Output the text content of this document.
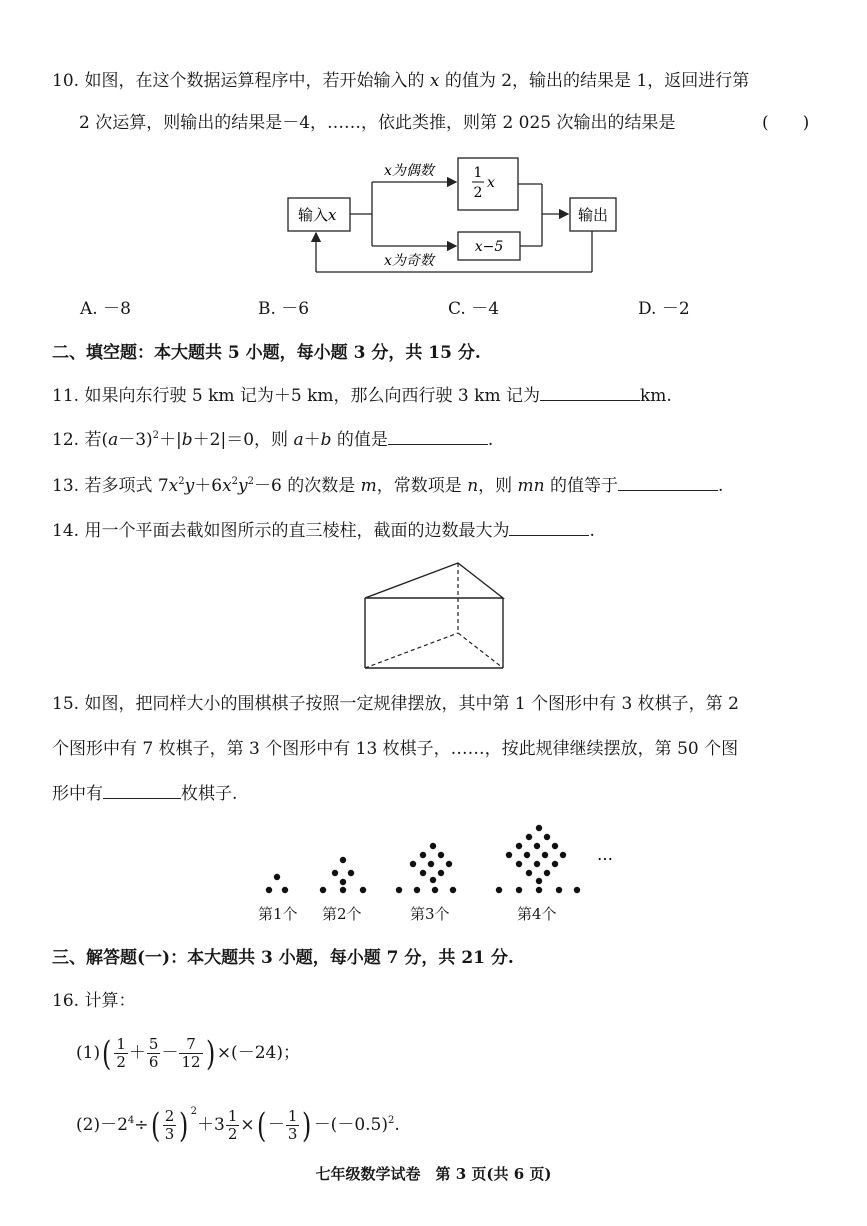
10. 如图，在这个数据运算程序中，若开始输入的 x 的值为 2，输出的结果是 1，返回进行第
2 次运算，则输出的结果是－4，……，依此类推，则第 2 025 次输出的结果是	(　　)
输入x
x为偶数
x为奇数
1
2
x
x−5
输出
A. －8	B. －6	C. －4	D. －2
二、填空题：本大题共 5 小题，每小题 3 分，共 15 分.
11. 如果向东行驶 5 km 记为＋5 km，那么向西行驶 3 km 记为	km.
12. 若$(a-3)^2+|b+2|=0$，则 a＋b 的值是	.
13. 若多项式 $7x^2y+6x^2y^2-6$ 的次数是 m，常数项是 n，则 mn 的值等于	.
14. 用一个平面去截如图所示的直三棱柱，截面的边数最大为	.
15. 如图，把同样大小的围棋棋子按照一定规律摆放，其中第 1 个图形中有 3 枚棋子，第 2
个图形中有 7 枚棋子，第 3 个图形中有 13 枚棋子，……，按此规律继续摆放，第 50 个图
形中有	枚棋子.
…
第1个 第2个	第3个	第4个
三、解答题(一)：本大题共 3 小题，每小题 7 分，共 21 分.
16. 计算：
$(1)( \frac{1}{2} + \frac{5}{6} - \frac{7}{12}$ ) ×(－24)；
$(2)-2^4\div( \frac{2}{3}$ ) $^2+3 \frac{1}{2}$ ×( － $\frac{1}{3}$ ) $-(-0.5)^2$.
七年级数学试卷　第 3 页(共 6 页)
